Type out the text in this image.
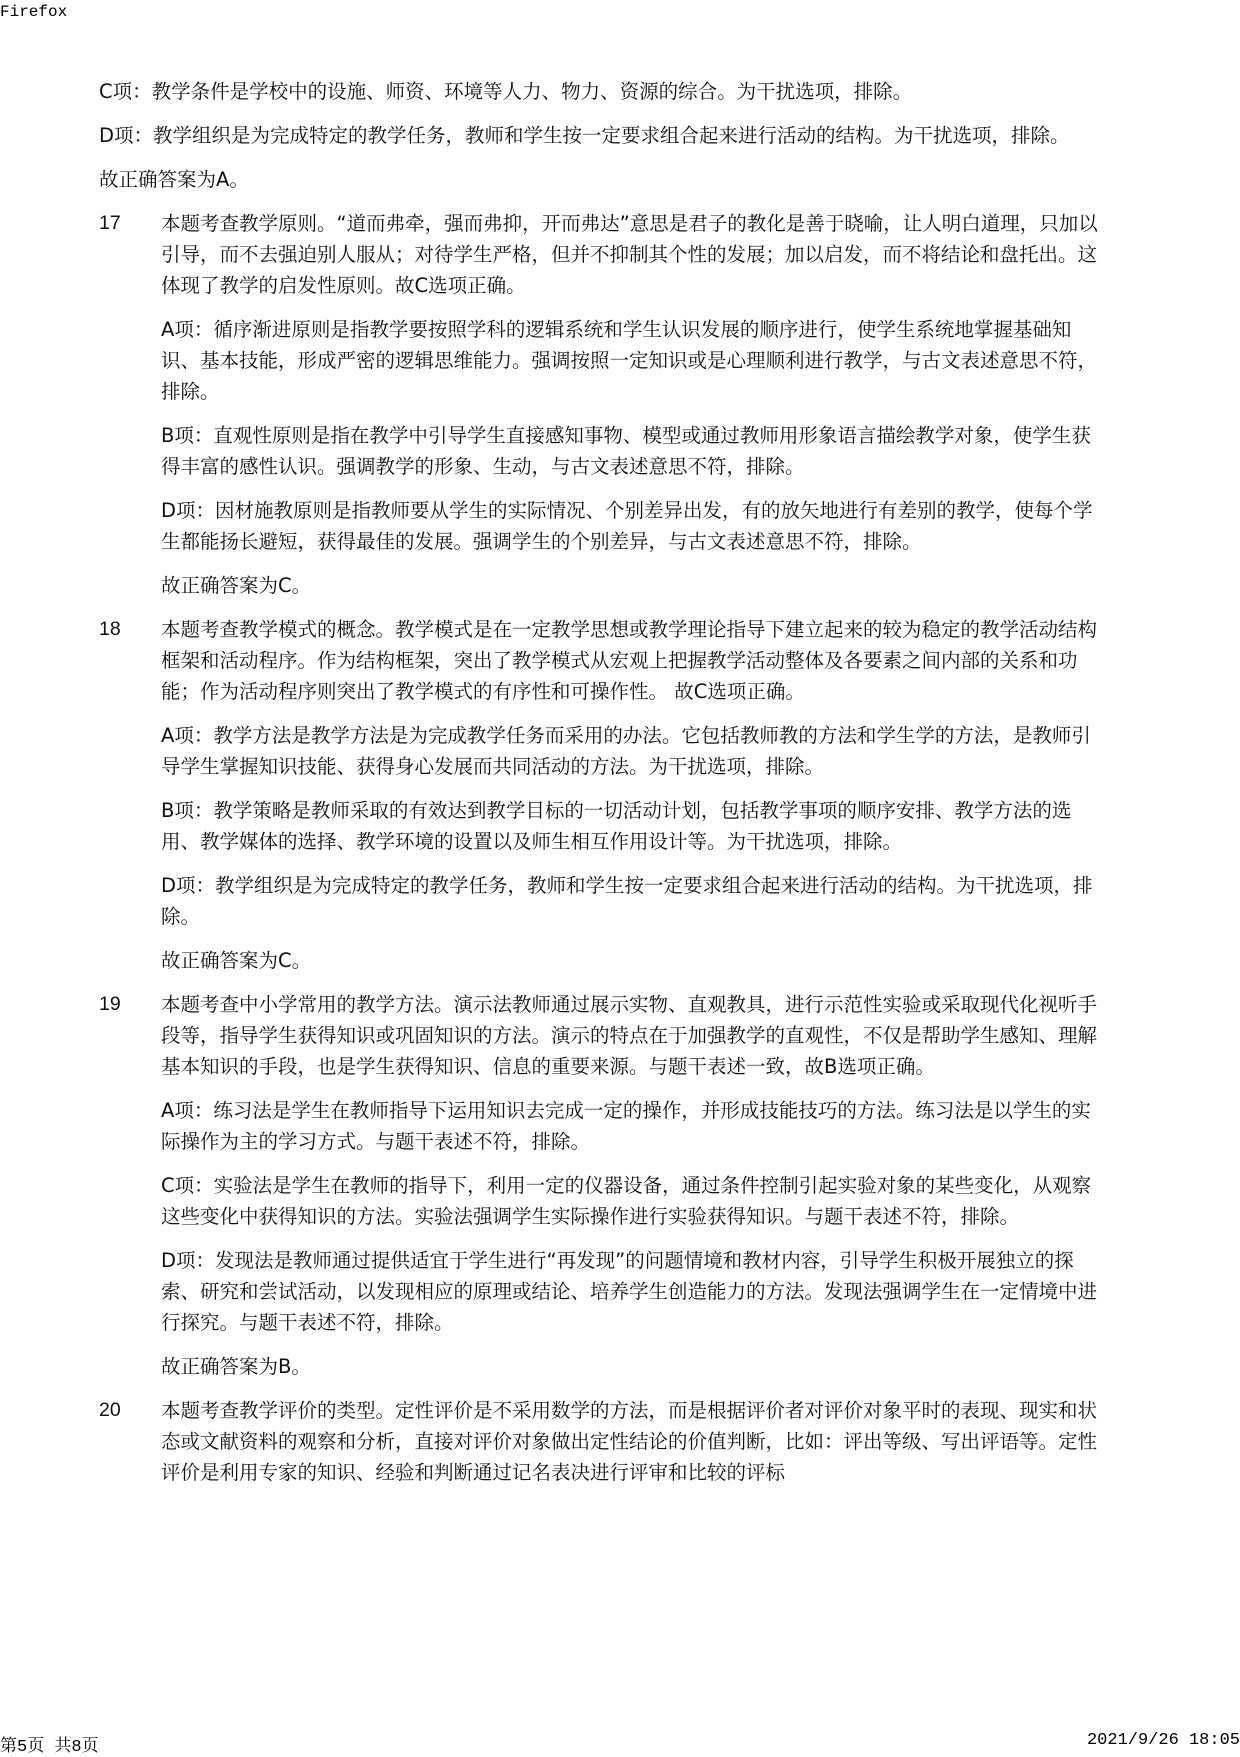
Firefox

C项：教学条件是学校中的设施、师资、环境等人力、物力、资源的综合。为干扰选项，排除。

D项：教学组织是为完成特定的教学任务，教师和学生按一定要求组合起来进行活动的结构。为干扰选项，排除。

故正确答案为A。

17	本题考查教学原则。“道而弗牵，强而弗抑，开而弗达”意思是君子的教化是善于晓喻，让人明白道理，只加以引导，而不去强迫别人服从；对待学生严格，但并不抑制其个性的发展；加以启发，而不将结论和盘托出。这体现了教学的启发性原则。故C选项正确。

A项：循序渐进原则是指教学要按照学科的逻辑系统和学生认识发展的顺序进行，使学生系统地掌握基础知识、基本技能，形成严密的逻辑思维能力。强调按照一定知识或是心理顺利进行教学，与古文表述意思不符，排除。

B项：直观性原则是指在教学中引导学生直接感知事物、模型或通过教师用形象语言描绘教学对象，使学生获得丰富的感性认识。强调教学的形象、生动，与古文表述意思不符，排除。

D项：因材施教原则是指教师要从学生的实际情况、个别差异出发，有的放矢地进行有差别的教学，使每个学生都能扬长避短，获得最佳的发展。强调学生的个别差异，与古文表述意思不符，排除。

故正确答案为C。

18	本题考查教学模式的概念。教学模式是在一定教学思想或教学理论指导下建立起来的较为稳定的教学活动结构框架和活动程序。作为结构框架，突出了教学模式从宏观上把握教学活动整体及各要素之间内部的关系和功能；作为活动程序则突出了教学模式的有序性和可操作性。 故C选项正确。

A项：教学方法是教学方法是为完成教学任务而采用的办法。它包括教师教的方法和学生学的方法，是教师引导学生掌握知识技能、获得身心发展而共同活动的方法。为干扰选项，排除。

B项：教学策略是教师采取的有效达到教学目标的一切活动计划，包括教学事项的顺序安排、教学方法的选用、教学媒体的选择、教学环境的设置以及师生相互作用设计等。为干扰选项，排除。

D项：教学组织是为完成特定的教学任务，教师和学生按一定要求组合起来进行活动的结构。为干扰选项，排除。

故正确答案为C。

19	本题考查中小学常用的教学方法。演示法教师通过展示实物、直观教具，进行示范性实验或采取现代化视听手段等，指导学生获得知识或巩固知识的方法。演示的特点在于加强教学的直观性，不仅是帮助学生感知、理解基本知识的手段，也是学生获得知识、信息的重要来源。与题干表述一致，故B选项正确。

A项：练习法是学生在教师指导下运用知识去完成一定的操作，并形成技能技巧的方法。练习法是以学生的实际操作为主的学习方式。与题干表述不符，排除。

C项：实验法是学生在教师的指导下，利用一定的仪器设备，通过条件控制引起实验对象的某些变化，从观察这些变化中获得知识的方法。实验法强调学生实际操作进行实验获得知识。与题干表述不符，排除。

D项：发现法是教师通过提供适宜于学生进行“再发现”的问题情境和教材内容，引导学生积极开展独立的探索、研究和尝试活动，以发现相应的原理或结论、培养学生创造能力的方法。发现法强调学生在一定情境中进行探究。与题干表述不符，排除。

故正确答案为B。

20	本题考查教学评价的类型。定性评价是不采用数学的方法，而是根据评价者对评价对象平时的表现、现实和状态或文献资料的观察和分析，直接对评价对象做出定性结论的价值判断，比如：评出等级、写出评语等。定性评价是利用专家的知识、经验和判断通过记名表决进行评审和比较的评标

第5页 共8页	2021/9/26 18:05
